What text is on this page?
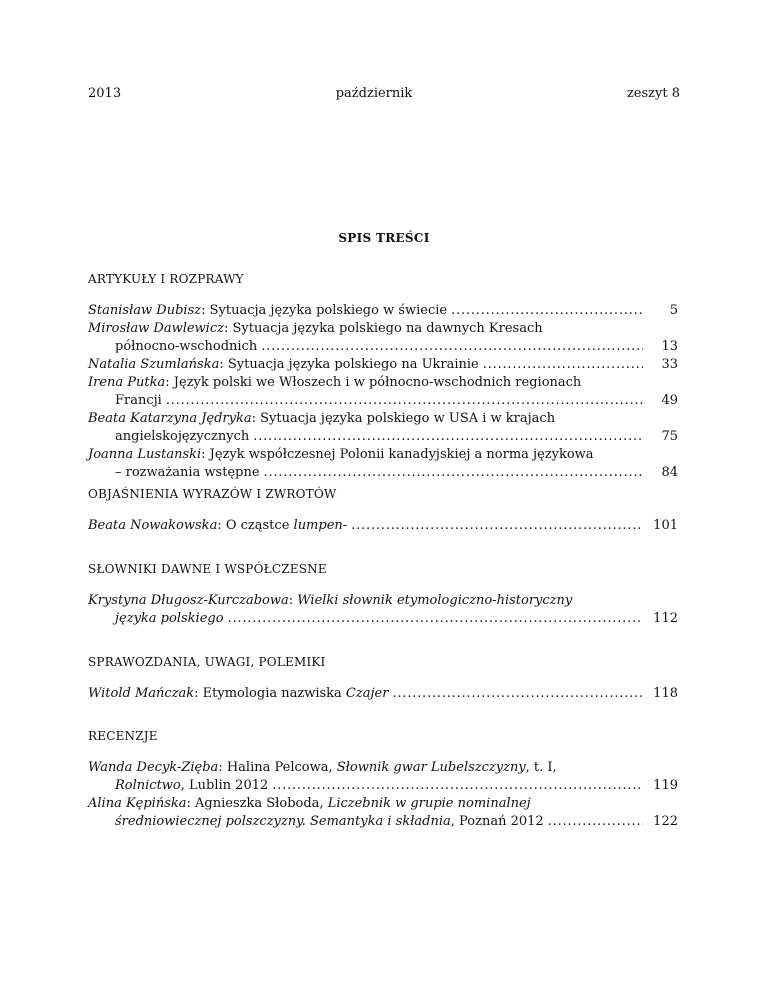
2013	październik	zeszyt 8
SPIS TREŚCI
ARTYKUŁY I ROZPRAWY
Stanisław Dubisz: Sytuacja języka polskiego w świecie .....	5
Mirosław Dawlewicz: Sytuacja języka polskiego na dawnych Kresach
północno-wschodnich .....	13
Natalia Szumlańska: Sytuacja języka polskiego na Ukrainie .....	33
Irena Putka: Język polski we Włoszech i w północno-wschodnich regionach
Francji .....	49
Beata Katarzyna Jędryka: Sytuacja języka polskiego w USA i w krajach
angielskojęzycznych .....	75
Joanna Lustanski: Język współczesnej Polonii kanadyjskiej a norma językowa
– rozważania wstępne .....	84
OBJAŚNIENIA WYRAZÓW I ZWROTÓW
Beata Nowakowska: O cząstce lumpen- .....	101
SŁOWNIKI DAWNE I WSPÓŁCZESNE
Krystyna Długosz-Kurczabowa: Wielki słownik etymologiczno-historyczny
języka polskiego .....	112
SPRAWOZDANIA, UWAGI, POLEMIKI
Witold Mańczak: Etymologia nazwiska Czajer .....	118
RECENZJE
Wanda Decyk-Zięba: Halina Pelcowa, Słownik gwar Lubelszczyzny, t. I,
Rolnictwo, Lublin 2012 .....	119
Alina Kępińska: Agnieszka Słoboda, Liczebnik w grupie nominalnej
średniowiecznej polszczyzny. Semantyka i składnia, Poznań 2012 .....	122
